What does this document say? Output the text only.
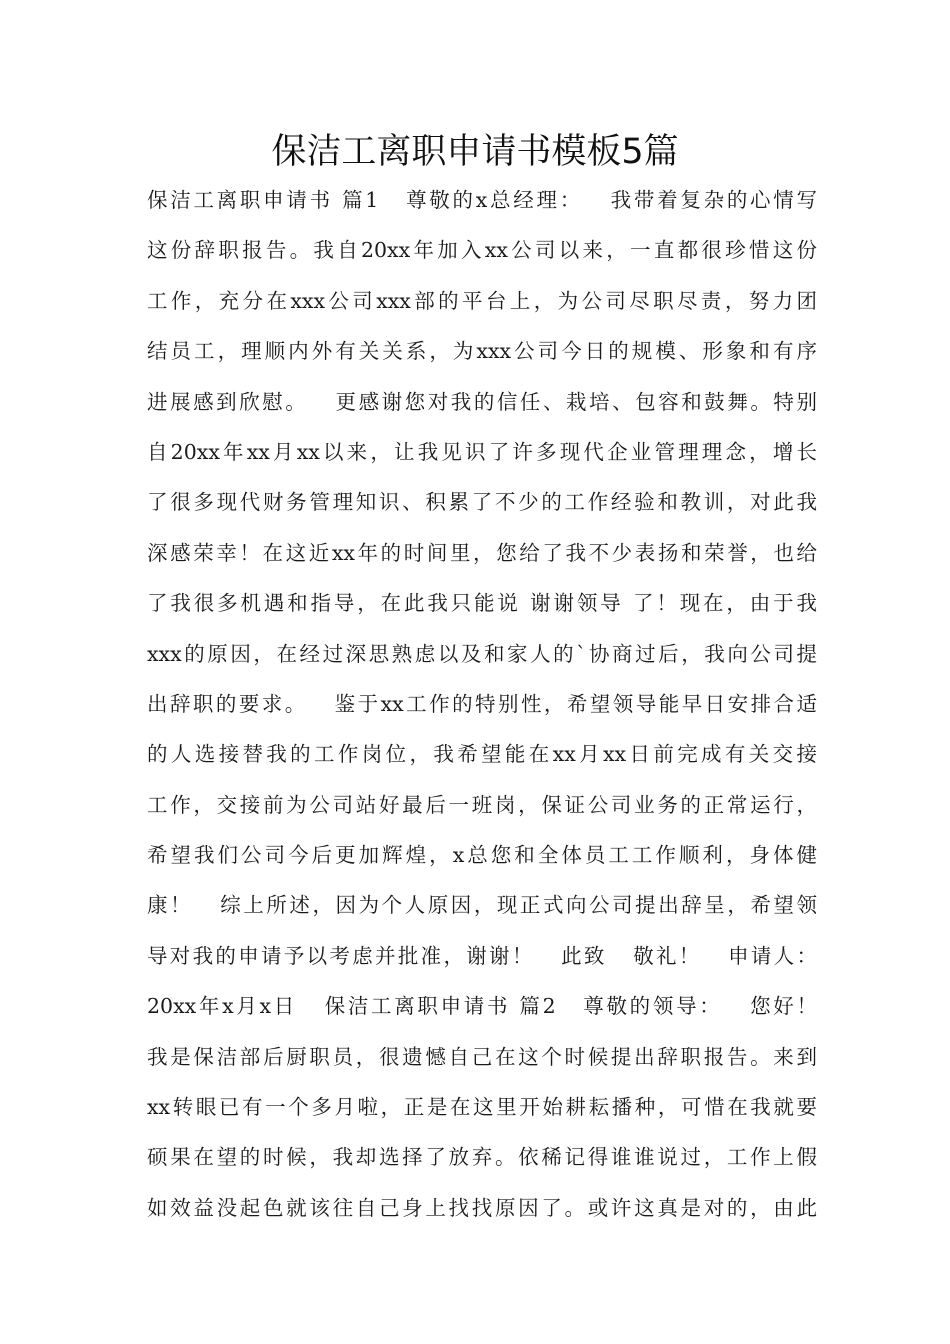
保洁工离职申请书模板5篇
保洁工离职申请书 篇1   尊敬的x总经理：   我带着复杂的心情写
这份辞职报告。我自20xx年加入xx公司以来，一直都很珍惜这份
工作，充分在xxx公司xxx部的平台上，为公司尽职尽责，努力团
结员工，理顺内外有关关系，为xxx公司今日的规模、形象和有序
进展感到欣慰。   更感谢您对我的信任、栽培、包容和鼓舞。特别
自20xx年xx月xx以来，让我见识了许多现代企业管理理念，增长
了很多现代财务管理知识、积累了不少的工作经验和教训，对此我
深感荣幸！在这近xx年的时间里，您给了我不少表扬和荣誉，也给
了我很多机遇和指导，在此我只能说 谢谢领导 了！现在，由于我
xxx的原因，在经过深思熟虑以及和家人的`协商过后，我向公司提
出辞职的要求。   鉴于xx工作的特别性，希望领导能早日安排合适
的人选接替我的工作岗位，我希望能在xx月xx日前完成有关交接
工作，交接前为公司站好最后一班岗，保证公司业务的正常运行，
希望我们公司今后更加辉煌，x总您和全体员工工作顺利，身体健
康！   综上所述，因为个人原因，现正式向公司提出辞呈，希望领
导对我的申请予以考虑并批准，谢谢！   此致   敬礼！   申请人：
20xx年x月x日   保洁工离职申请书 篇2   尊敬的领导：   您好！
我是保洁部后厨职员，很遗憾自己在这个时候提出辞职报告。来到
xx转眼已有一个多月啦，正是在这里开始耕耘播种，可惜在我就要
硕果在望的时候，我却选择了放弃。依稀记得谁谁说过，工作上假
如效益没起色就该往自己身上找找原因了。或许这真是对的，由此
